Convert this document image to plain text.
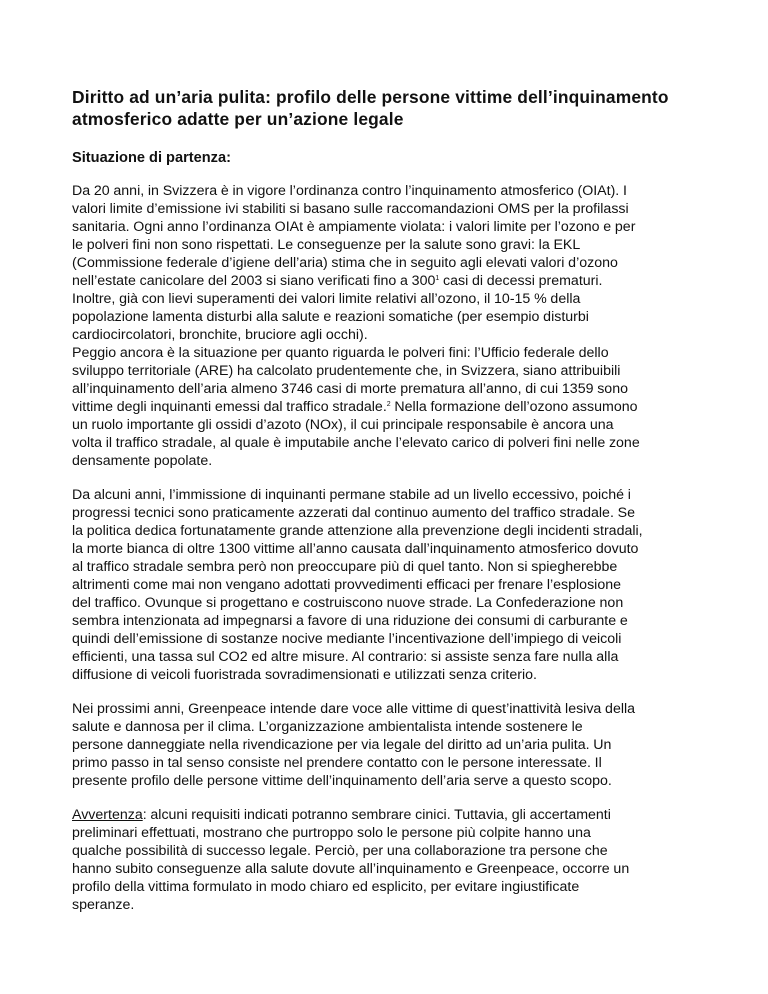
Diritto ad un’aria pulita: profilo delle persone vittime dell’inquinamento
atmosferico adatte per un’azione legale
Situazione di partenza:
Da 20 anni, in Svizzera è in vigore l’ordinanza contro l’inquinamento atmosferico (OIAt). I
valori limite d’emissione ivi stabiliti si basano sulle raccomandazioni OMS per la profilassi
sanitaria. Ogni anno l’ordinanza OIAt è ampiamente violata: i valori limite per l’ozono e per
le polveri fini non sono rispettati. Le conseguenze per la salute sono gravi: la EKL
(Commissione federale d’igiene dell’aria) stima che in seguito agli elevati valori d’ozono
nell’estate canicolare del 2003 si siano verificati fino a $300^1$ casi di decessi prematuri.
Inoltre, già con lievi superamenti dei valori limite relativi all’ozono, il 10-15 % della
popolazione lamenta disturbi alla salute e reazioni somatiche (per esempio disturbi
cardiocircolatori, bronchite, bruciore agli occhi).
Peggio ancora è la situazione per quanto riguarda le polveri fini: l’Ufficio federale dello
sviluppo territoriale (ARE) ha calcolato prudentemente che, in Svizzera, siano attribuibili
all’inquinamento dell’aria almeno 3746 casi di morte prematura all’anno, di cui 1359 sono
vittime degli inquinanti emessi dal traffico stradale.$^2$ Nella formazione dell’ozono assumono
un ruolo importante gli ossidi d’azoto (NOx), il cui principale responsabile è ancora una
volta il traffico stradale, al quale è imputabile anche l’elevato carico di polveri fini nelle zone
densamente popolate.
Da alcuni anni, l’immissione di inquinanti permane stabile ad un livello eccessivo, poiché i
progressi tecnici sono praticamente azzerati dal continuo aumento del traffico stradale. Se
la politica dedica fortunatamente grande attenzione alla prevenzione degli incidenti stradali,
la morte bianca di oltre 1300 vittime all’anno causata dall’inquinamento atmosferico dovuto
al traffico stradale sembra però non preoccupare più di quel tanto. Non si spiegherebbe
altrimenti come mai non vengano adottati provvedimenti efficaci per frenare l’esplosione
del traffico. Ovunque si progettano e costruiscono nuove strade. La Confederazione non
sembra intenzionata ad impegnarsi a favore di una riduzione dei consumi di carburante e
quindi dell’emissione di sostanze nocive mediante l’incentivazione dell’impiego di veicoli
efficienti, una tassa sul CO2 ed altre misure. Al contrario: si assiste senza fare nulla alla
diffusione di veicoli fuoristrada sovradimensionati e utilizzati senza criterio.
Nei prossimi anni, Greenpeace intende dare voce alle vittime di quest’inattività lesiva della
salute e dannosa per il clima. L’organizzazione ambientalista intende sostenere le
persone danneggiate nella rivendicazione per via legale del diritto ad un’aria pulita. Un
primo passo in tal senso consiste nel prendere contatto con le persone interessate. Il
presente profilo delle persone vittime dell’inquinamento dell’aria serve a questo scopo.
Avvertenza: alcuni requisiti indicati potranno sembrare cinici. Tuttavia, gli accertamenti
preliminari effettuati, mostrano che purtroppo solo le persone più colpite hanno una
qualche possibilità di successo legale. Perciò, per una collaborazione tra persone che
hanno subito conseguenze alla salute dovute all’inquinamento e Greenpeace, occorre un
profilo della vittima formulato in modo chiaro ed esplicito, per evitare ingiustificate
speranze.
